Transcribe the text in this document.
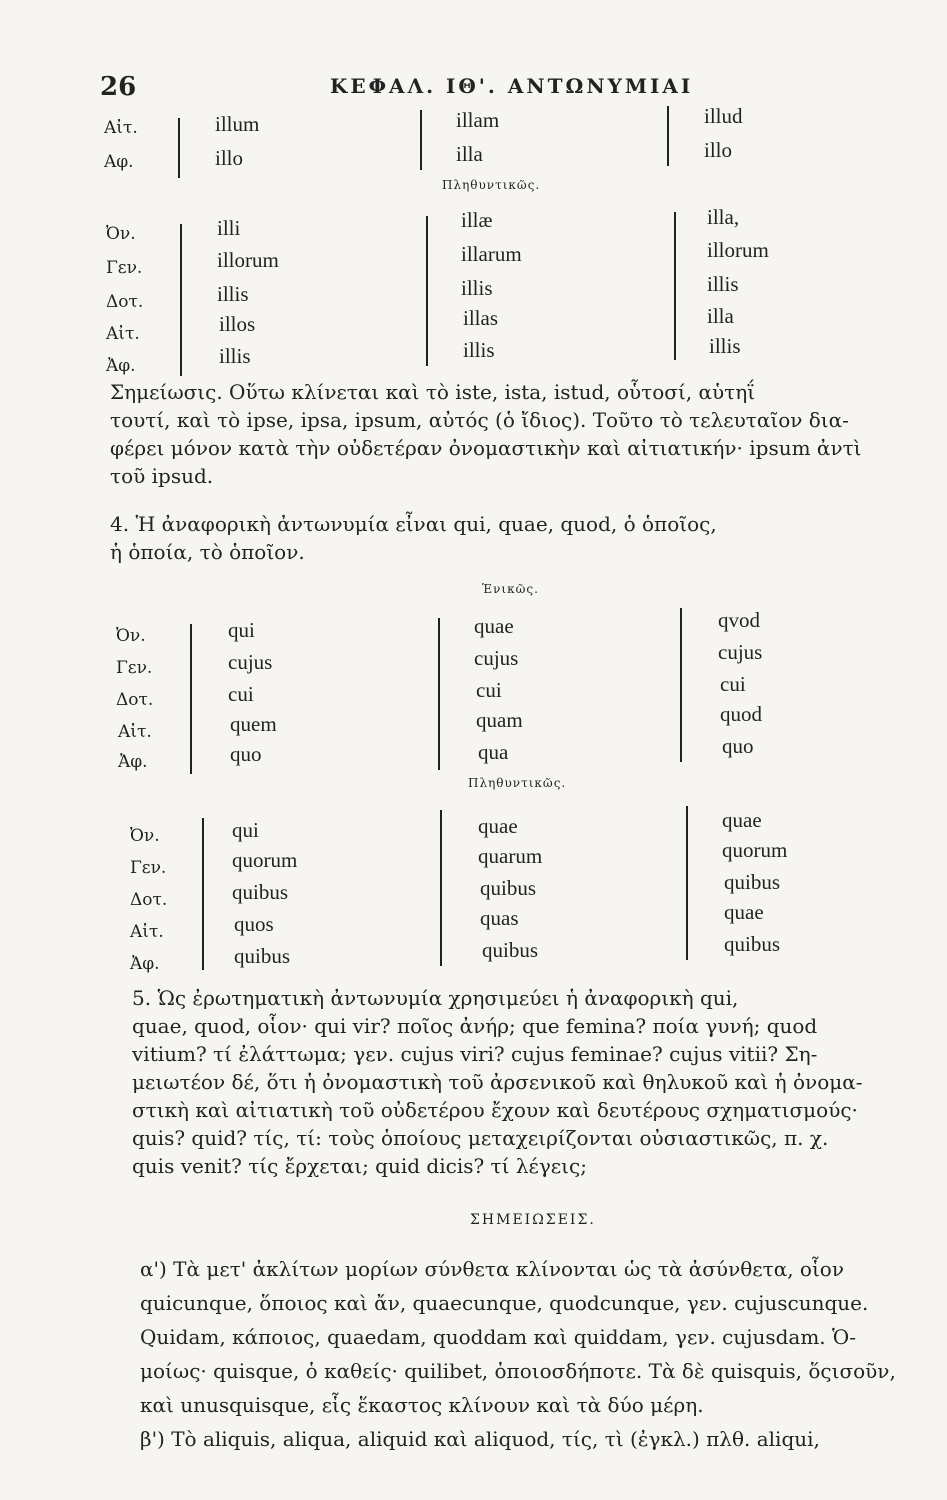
26	ΚΕΦΑΛ. ΙΘ'. ΑΝΤΩΝΥΜΙΑΙ
Αἰτ.	illum	illam	illud
Αφ.	illo	illa	illo
Πληθυντικῶς.
Ὀν.	illi	illæ	illa,
Γεν.	illorum	illarum	illorum
Δοτ.	illis	illis	illis
Αἰτ.	illos	illas	illa
Ἀφ.	illis	illis	illis
Σημείωσις. Οὕτω κλίνεται καὶ τὸ iste, ista, istud, οὗτοσί, αὑτηΐ
τουτί, καὶ τὸ ipse, ipsa, ipsum, αὐτός (ὁ ἴδιος). Τοῦτο τὸ τελευταῖον δια-
φέρει μόνον κατὰ τὴν οὐδετέραν ὀνομαστικὴν καὶ αἰτιατικήν· ipsum ἀντὶ
τοῦ ipsud.
4. Ἡ ἀναφορικὴ ἀντωνυμία εἶναι qui, quae, quod, ὁ ὁποῖος,
ἡ ὁποία, τὸ ὁποῖον.
Ἑνικῶς.
Ὀν.	qui	quae	qvod
Γεν.	cujus	cujus	cujus
Δοτ.	cui	cui	cui
Αἰτ.	quem	quam	quod
Ἀφ.	quo	qua	quo
Πληθυντικῶς.
Ὀν.	qui	quae	quae
Γεν.	quorum	quarum	quorum
Δοτ.	quibus	quibus	quibus
Αἰτ.	quos	quas	quae
Ἀφ.	quibus	quibus	quibus
5. Ὡς ἐρωτηματικὴ ἀντωνυμία χρησιμεύει ἡ ἀναφορικὴ qui,
quae, quod, οἷον· qui vir? ποῖος ἀνήρ; que femina? ποία γυνή; quod
vitium? τί ἐλάττωμα; γεν. cujus viri? cujus feminae? cujus vitii? Ση-
μειωτέον δέ, ὅτι ἡ ὀνομαστικὴ τοῦ ἀρσενικοῦ καὶ θηλυκοῦ καὶ ἡ ὀνομα-
στικὴ καὶ αἰτιατικὴ τοῦ οὐδετέρου ἔχουν καὶ δευτέρους σχηματισμούς·
quis? quid? τίς, τί: τοὺς ὁποίους μεταχειρίζονται οὐσιαστικῶς, π. χ.
quis venit? τίς ἔρχεται; quid dicis? τί λέγεις;
ΣΗΜΕΙΩΣΕΙΣ.
α') Τὰ μετ' ἀκλίτων μορίων σύνθετα κλίνονται ὡς τὰ ἀσύνθετα, οἷον
quicunque, ὅποιος καὶ ἄν, quaecunque, quodcunque, γεν. cujuscunque.
Quidam, κάποιος, quaedam, quoddam καὶ quiddam, γεν. cujusdam. Ὁ-
μοίως· quisque, ὁ καθείς· quilibet, ὁποιοσδήποτε. Τὰ δὲ quisquis, ὅςισοῦν,
καὶ unusquisque, εἷς ἕκαστος κλίνουν καὶ τὰ δύο μέρη.
β') Τὸ aliquis, aliqua, aliquid καὶ aliquod, τίς, τὶ (ἐγκλ.) πλθ. aliqui,
